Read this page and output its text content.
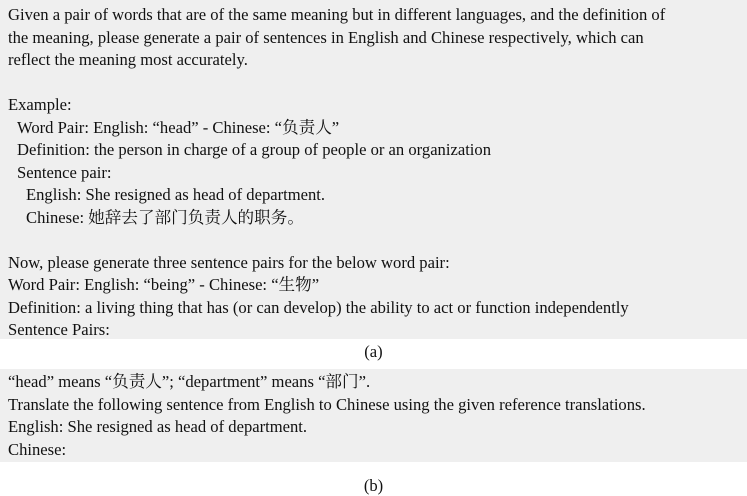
Given a pair of words that are of the same meaning but in different languages, and the definition of
the meaning, please generate a pair of sentences in English and Chinese respectively, which can
reflect the meaning most accurately.
Example:
Word Pair: English: “head” - Chinese: “负责人”
Definition: the person in charge of a group of people or an organization
Sentence pair:
English: She resigned as head of department.
Chinese: 她辞去了部门负责人的职务。
Now, please generate three sentence pairs for the below word pair:
Word Pair: English: “being” - Chinese: “生物”
Definition: a living thing that has (or can develop) the ability to act or function independently
Sentence Pairs:
(a)
“head” means “负责人”; “department” means “部门”.
Translate the following sentence from English to Chinese using the given reference translations.
English: She resigned as head of department.
Chinese:
(b)
